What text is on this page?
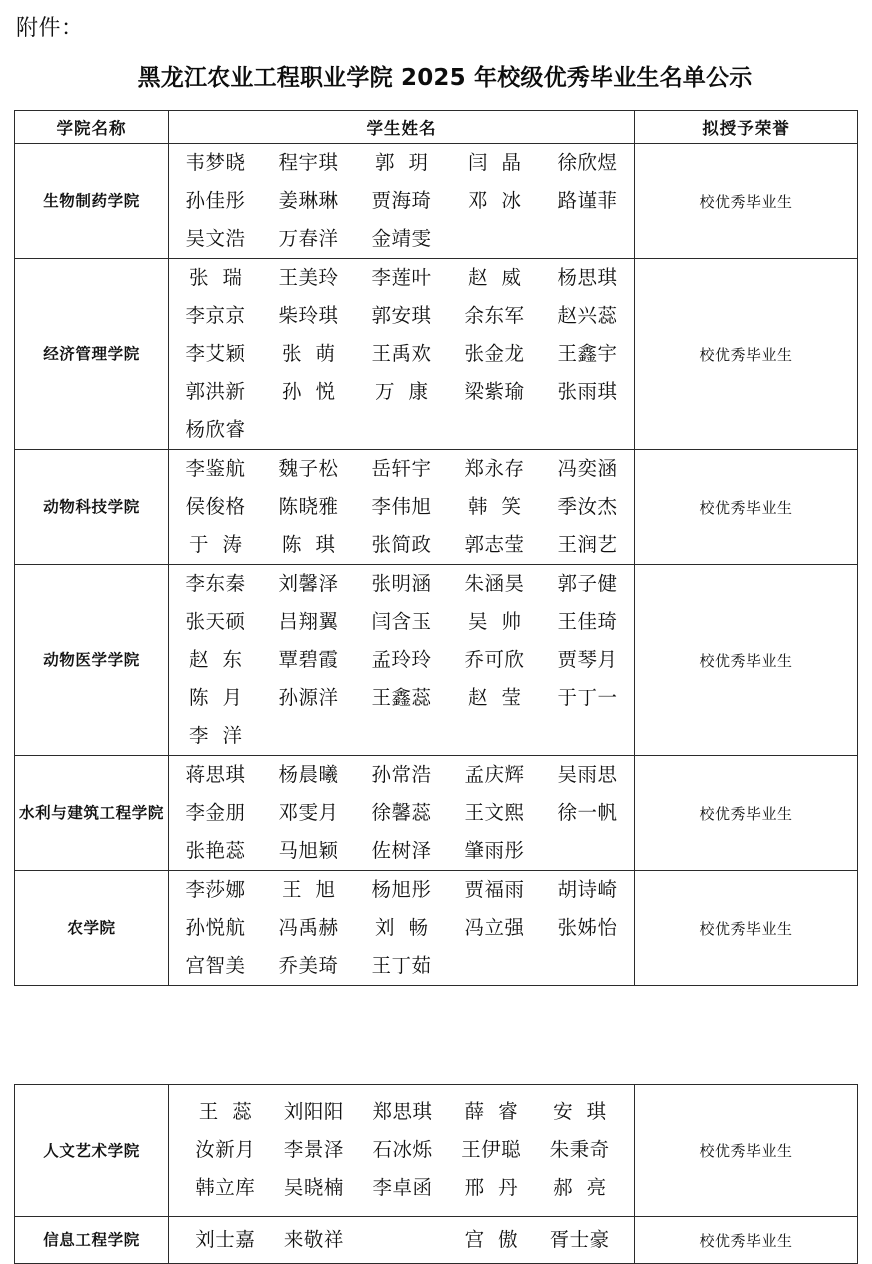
附件：
黑龙江农业工程职业学院 2025 年校级优秀毕业生名单公示
学院名称	学生姓名	拟授予荣誉
生物制药学院	
韦梦晓	程宇琪	郭玥	闫晶	徐欣煜
孙佳彤	姜琳琳	贾海琦	邓冰	路谨菲
吴文浩	万春洋	金靖雯
	校优秀毕业生
经济管理学院	
张瑞	王美玲	李莲叶	赵威	杨思琪
李京京	柴玲琪	郭安琪	余东军	赵兴蕊
李艾颖	张萌	王禹欢	张金龙	王鑫宇
郭洪新	孙悦	万康	梁紫瑜	张雨琪
杨欣睿
	校优秀毕业生
动物科技学院	
李鉴航	魏子松	岳轩宇	郑永存	冯奕涵
侯俊格	陈晓雅	李伟旭	韩笑	季汝杰
于涛	陈琪	张简政	郭志莹	王润艺
	校优秀毕业生
动物医学学院	
李东秦	刘馨泽	张明涵	朱涵昊	郭子健
张天硕	吕翔翼	闫含玉	吴帅	王佳琦
赵东	覃碧霞	孟玲玲	乔可欣	贾琴月
陈月	孙源洋	王鑫蕊	赵莹	于丁一
李洋
	校优秀毕业生
水利与建筑工程学院	
蒋思琪	杨晨曦	孙常浩	孟庆辉	吴雨思
李金朋	邓雯月	徐馨蕊	王文熙	徐一帆
张艳蕊	马旭颖	佐树泽	肇雨彤
	校优秀毕业生
农学院	
李莎娜	王旭	杨旭彤	贾福雨	胡诗崎
孙悦航	冯禹赫	刘畅	冯立强	张姊怡
宫智美	乔美琦	王丁茹
	校优秀毕业生
人文艺术学院	
王蕊 刘阳阳	郑思琪	薛睿	安琪
汝新月	李景泽	石冰烁	王伊聪	朱秉奇
韩立库	吴晓楠	李卓函	邢丹	郝亮
	校优秀毕业生
信息工程学院	刘士嘉 来敬祥 宫傲 胥士豪	校优秀毕业生
